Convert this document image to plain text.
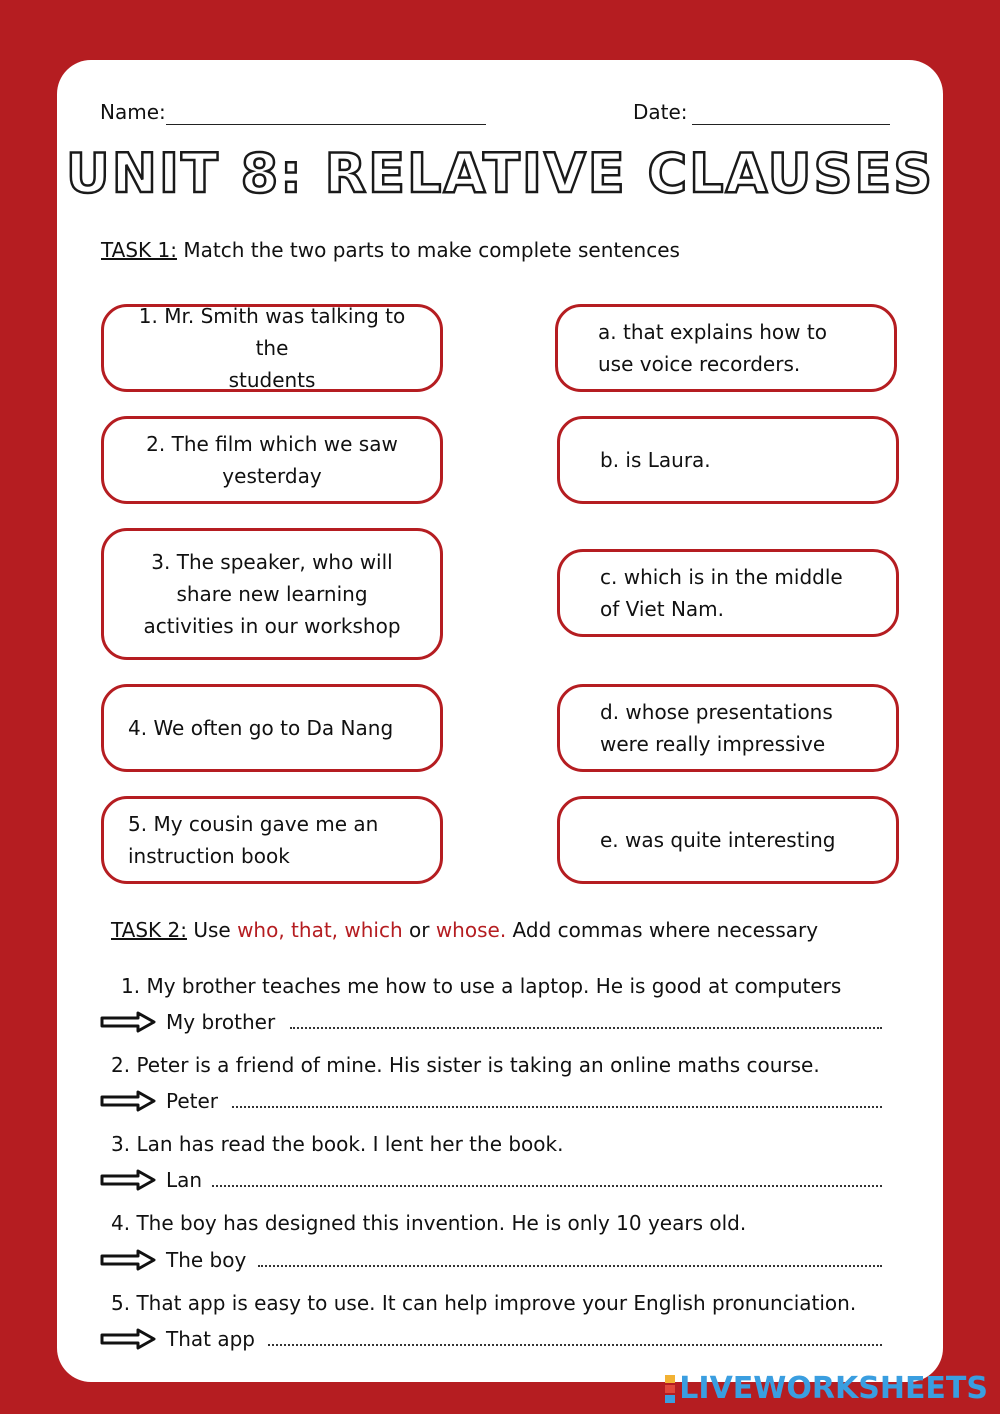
Name:	Date:
UNIT 8: RELATIVE CLAUSES
TASK 1: Match the two parts to make complete sentences
1. Mr. Smith was talking to the
students
2. The film which we saw
yesterday
3. The speaker, who will
share new learning
activities in our workshop
4. We often go to Da Nang
5. My cousin gave me an
instruction book
a. that explains how to
use voice recorders.
b. is Laura.
c. which is in the middle
of Viet Nam.
d. whose presentations
were really impressive
e. was quite interesting
TASK 2: Use who, that, which or whose. Add commas where necessary
1. My brother teaches me how to use a laptop. He is good at computers
My brother
2. Peter is a friend of mine. His sister is taking an online maths course.
Peter
3. Lan has read the book. I lent her the book.
Lan
4. The boy has designed this invention. He is only 10 years old.
The boy
5. That app is easy to use. It can help improve your English pronunciation.
That app
LIVEWORKSHEETS
